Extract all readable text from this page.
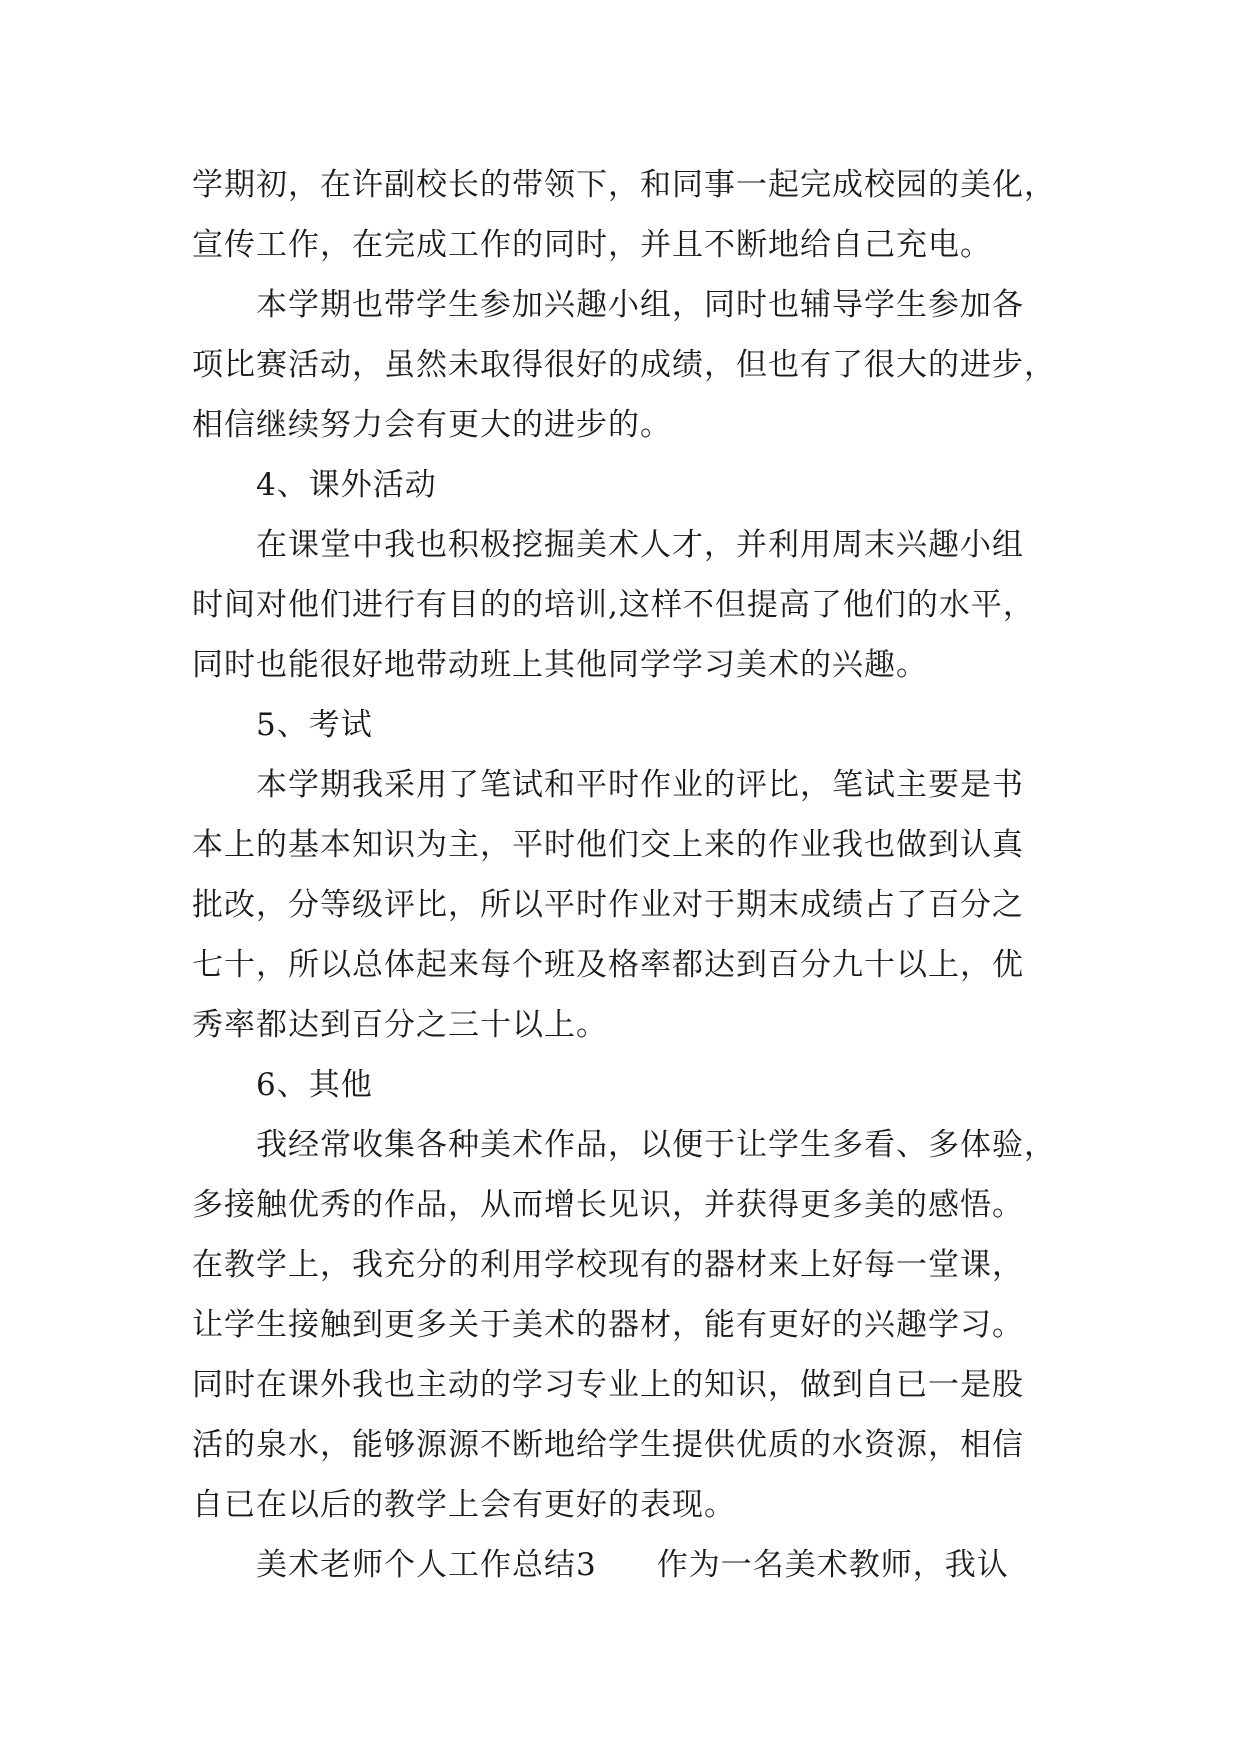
学期初，在许副校长的带领下，和同事一起完成校园的美化，
宣传工作，在完成工作的同时，并且不断地给自己充电。
本学期也带学生参加兴趣小组，同时也辅导学生参加各
项比赛活动，虽然未取得很好的成绩，但也有了很大的进步，
相信继续努力会有更大的进步的。
4、课外活动
在课堂中我也积极挖掘美术人才，并利用周末兴趣小组
时间对他们进行有目的的培训,这样不但提高了他们的水平，
同时也能很好地带动班上其他同学学习美术的兴趣。
5、考试
本学期我采用了笔试和平时作业的评比，笔试主要是书
本上的基本知识为主，平时他们交上来的作业我也做到认真
批改，分等级评比，所以平时作业对于期末成绩占了百分之
七十，所以总体起来每个班及格率都达到百分九十以上，优
秀率都达到百分之三十以上。
6、其他
我经常收集各种美术作品，以便于让学生多看、多体验，
多接触优秀的作品，从而增长见识，并获得更多美的感悟。
在教学上，我充分的利用学校现有的器材来上好每一堂课，
让学生接触到更多关于美术的器材，能有更好的兴趣学习。
同时在课外我也主动的学习专业上的知识，做到自已一是股
活的泉水，能够源源不断地给学生提供优质的水资源，相信
自已在以后的教学上会有更好的表现。
美术老师个人工作总结3 作为一名美术教师，我认
